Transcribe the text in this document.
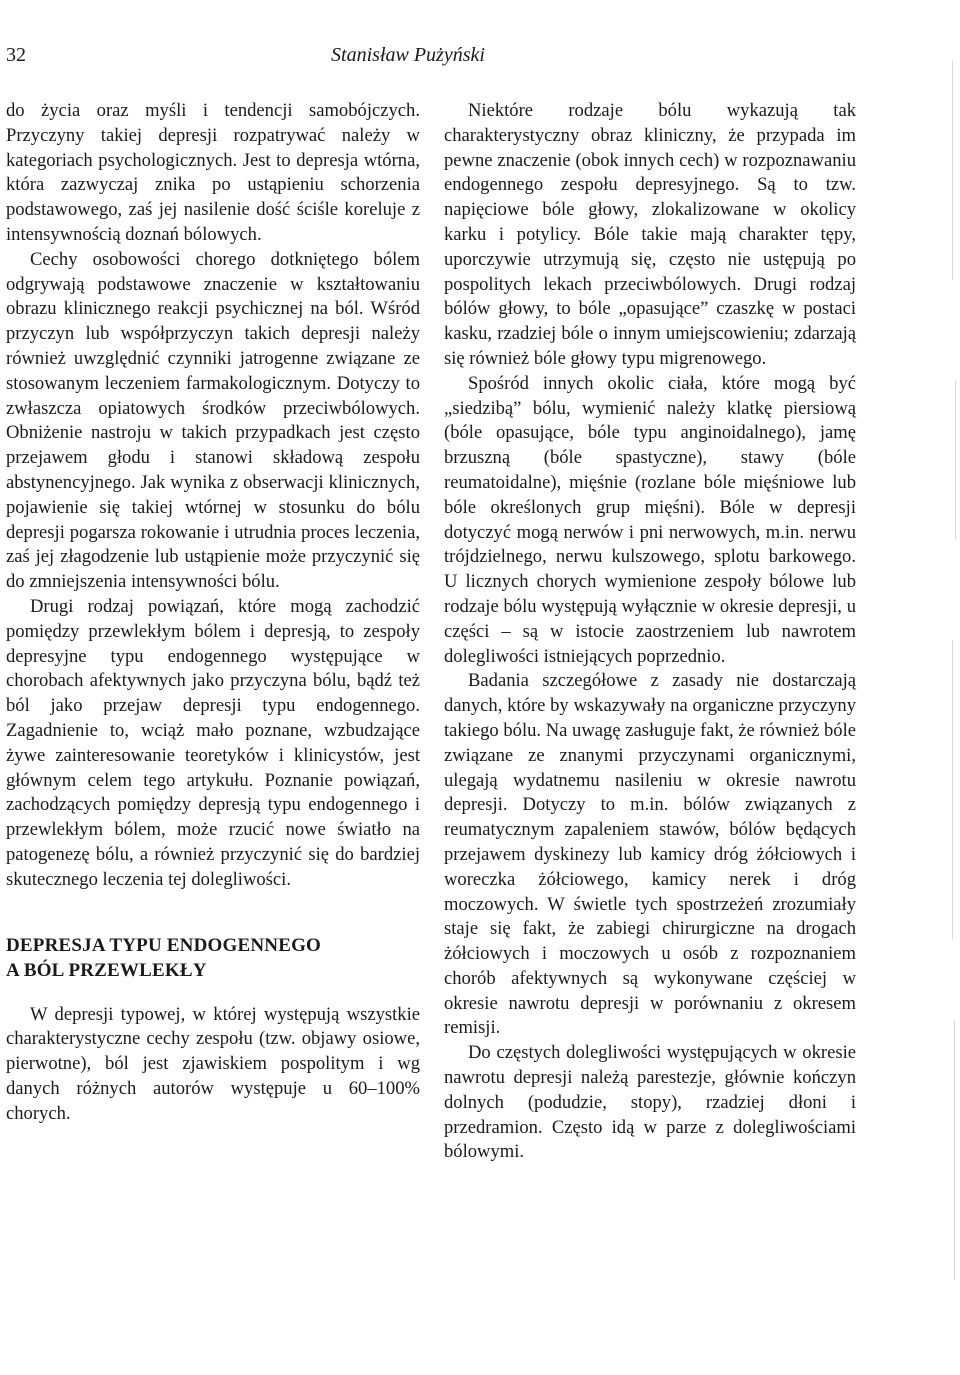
32	Stanisław Pużyński

do życia oraz myśli i tendencji samobójczych. Przyczyny takiej depresji rozpatrywać należy w kategoriach psychologicznych. Jest to depresja wtórna, która zazwyczaj znika po ustąpieniu schorzenia podstawowego, zaś jej nasilenie dość ściśle koreluje z intensywnością doznań bólowych.

Cechy osobowości chorego dotkniętego bólem odgrywają podstawowe znaczenie w kształtowaniu obrazu klinicznego reakcji psychicznej na ból. Wśród przyczyn lub współprzyczyn takich depresji należy również uwzględnić czynniki jatrogenne związane ze stosowanym leczeniem farmakologicznym. Dotyczy to zwłaszcza opiatowych środków przeciwbólowych. Obniżenie nastroju w takich przypadkach jest często przejawem głodu i stanowi składową zespołu abstynencyjnego. Jak wynika z obserwacji klinicznych, pojawienie się takiej wtórnej w stosunku do bólu depresji pogarsza rokowanie i utrudnia proces leczenia, zaś jej złagodzenie lub ustąpienie może przyczynić się do zmniejszenia intensywności bólu.

Drugi rodzaj powiązań, które mogą zachodzić pomiędzy przewlekłym bólem i depresją, to zespoły depresyjne typu endogennego występujące w chorobach afektywnych jako przyczyna bólu, bądź też ból jako przejaw depresji typu endogennego. Zagadnienie to, wciąż mało poznane, wzbudzające żywe zainteresowanie teoretyków i klinicystów, jest głównym celem tego artykułu. Poznanie powiązań, zachodzących pomiędzy depresją typu endogennego i przewlekłym bólem, może rzucić nowe światło na patogenezę bólu, a również przyczynić się do bardziej skutecznego leczenia tej dolegliwości.

DEPRESJA TYPU ENDOGENNEGO
A BÓL PRZEWLEKŁY

W depresji typowej, w której występują wszystkie charakterystyczne cechy zespołu (tzw. objawy osiowe, pierwotne), ból jest zjawiskiem pospolitym i wg danych różnych autorów występuje u 60–100% chorych.

Niektóre rodzaje bólu wykazują tak charakterystyczny obraz kliniczny, że przypada im pewne znaczenie (obok innych cech) w rozpoznawaniu endogennego zespołu depresyjnego. Są to tzw. napięciowe bóle głowy, zlokalizowane w okolicy karku i potylicy. Bóle takie mają charakter tępy, uporczywie utrzymują się, często nie ustępują po pospolitych lekach przeciwbólowych. Drugi rodzaj bólów głowy, to bóle „opasujące” czaszkę w postaci kasku, rzadziej bóle o innym umiejscowieniu; zdarzają się również bóle głowy typu migrenowego.

Spośród innych okolic ciała, które mogą być „siedzibą” bólu, wymienić należy klatkę piersiową (bóle opasujące, bóle typu anginoidalnego), jamę brzuszną (bóle spastyczne), stawy (bóle reumatoidalne), mięśnie (rozlane bóle mięśniowe lub bóle określonych grup mięśni). Bóle w depresji dotyczyć mogą nerwów i pni nerwowych, m.in. nerwu trójdzielnego, nerwu kulszowego, splotu barkowego. U licznych chorych wymienione zespoły bólowe lub rodzaje bólu występują wyłącznie w okresie depresji, u części – są w istocie zaostrzeniem lub nawrotem dolegliwości istniejących poprzednio.

Badania szczegółowe z zasady nie dostarczają danych, które by wskazywały na organiczne przyczyny takiego bólu. Na uwagę zasługuje fakt, że również bóle związane ze znanymi przyczynami organicznymi, ulegają wydatnemu nasileniu w okresie nawrotu depresji. Dotyczy to m.in. bólów związanych z reumatycznym zapaleniem stawów, bólów będących przejawem dyskinezy lub kamicy dróg żółciowych i woreczka żółciowego, kamicy nerek i dróg moczowych. W świetle tych spostrzeżeń zrozumiały staje się fakt, że zabiegi chirurgiczne na drogach żółciowych i moczowych u osób z rozpoznaniem chorób afektywnych są wykonywane częściej w okresie nawrotu depresji w porównaniu z okresem remisji.

Do częstych dolegliwości występujących w okresie nawrotu depresji należą parestezje, głównie kończyn dolnych (podudzie, stopy), rzadziej dłoni i przedramion. Często idą w parze z dolegliwościami bólowymi.
